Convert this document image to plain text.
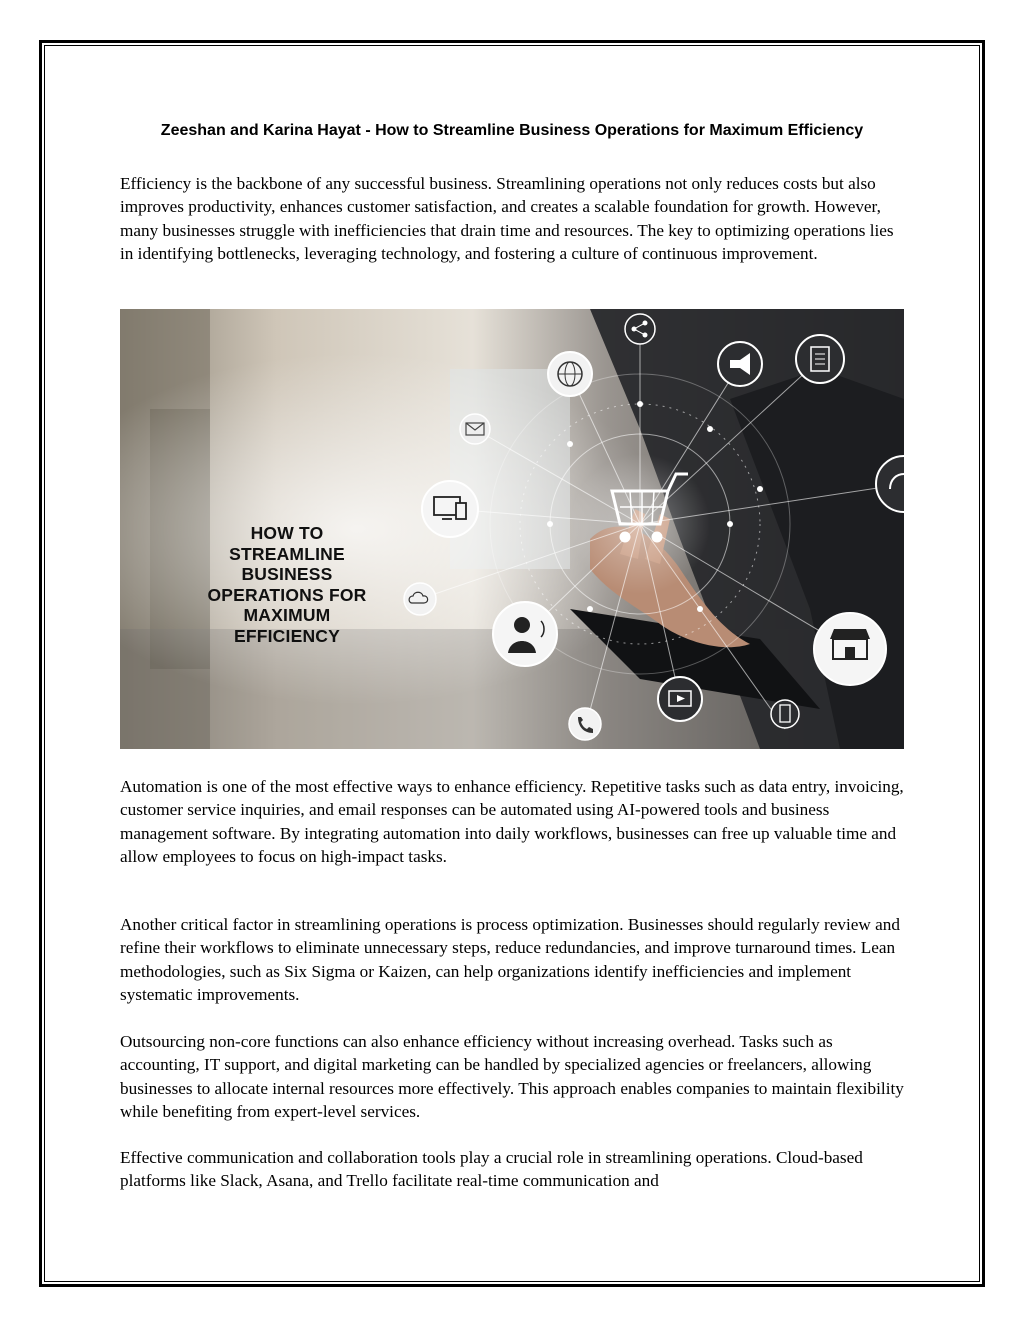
Zeeshan and Karina Hayat - How to Streamline Business Operations for Maximum Efficiency

Efficiency is the backbone of any successful business. Streamlining operations not only reduces costs but also improves productivity, enhances customer satisfaction, and creates a scalable foundation for growth. However, many businesses struggle with inefficiencies that drain time and resources. The key to optimizing operations lies in identifying bottlenecks, leveraging technology, and fostering a culture of continuous improvement.

HOW TO
STREAMLINE
BUSINESS
OPERATIONS FOR
MAXIMUM
EFFICIENCY

Automation is one of the most effective ways to enhance efficiency. Repetitive tasks such as data entry, invoicing, customer service inquiries, and email responses can be automated using AI-powered tools and business management software. By integrating automation into daily workflows, businesses can free up valuable time and allow employees to focus on high-impact tasks.

Another critical factor in streamlining operations is process optimization. Businesses should regularly review and refine their workflows to eliminate unnecessary steps, reduce redundancies, and improve turnaround times. Lean methodologies, such as Six Sigma or Kaizen, can help organizations identify inefficiencies and implement systematic improvements.

Outsourcing non-core functions can also enhance efficiency without increasing overhead. Tasks such as accounting, IT support, and digital marketing can be handled by specialized agencies or freelancers, allowing businesses to allocate internal resources more effectively. This approach enables companies to maintain flexibility while benefiting from expert-level services.

Effective communication and collaboration tools play a crucial role in streamlining operations. Cloud-based platforms like Slack, Asana, and Trello facilitate real-time communication and
